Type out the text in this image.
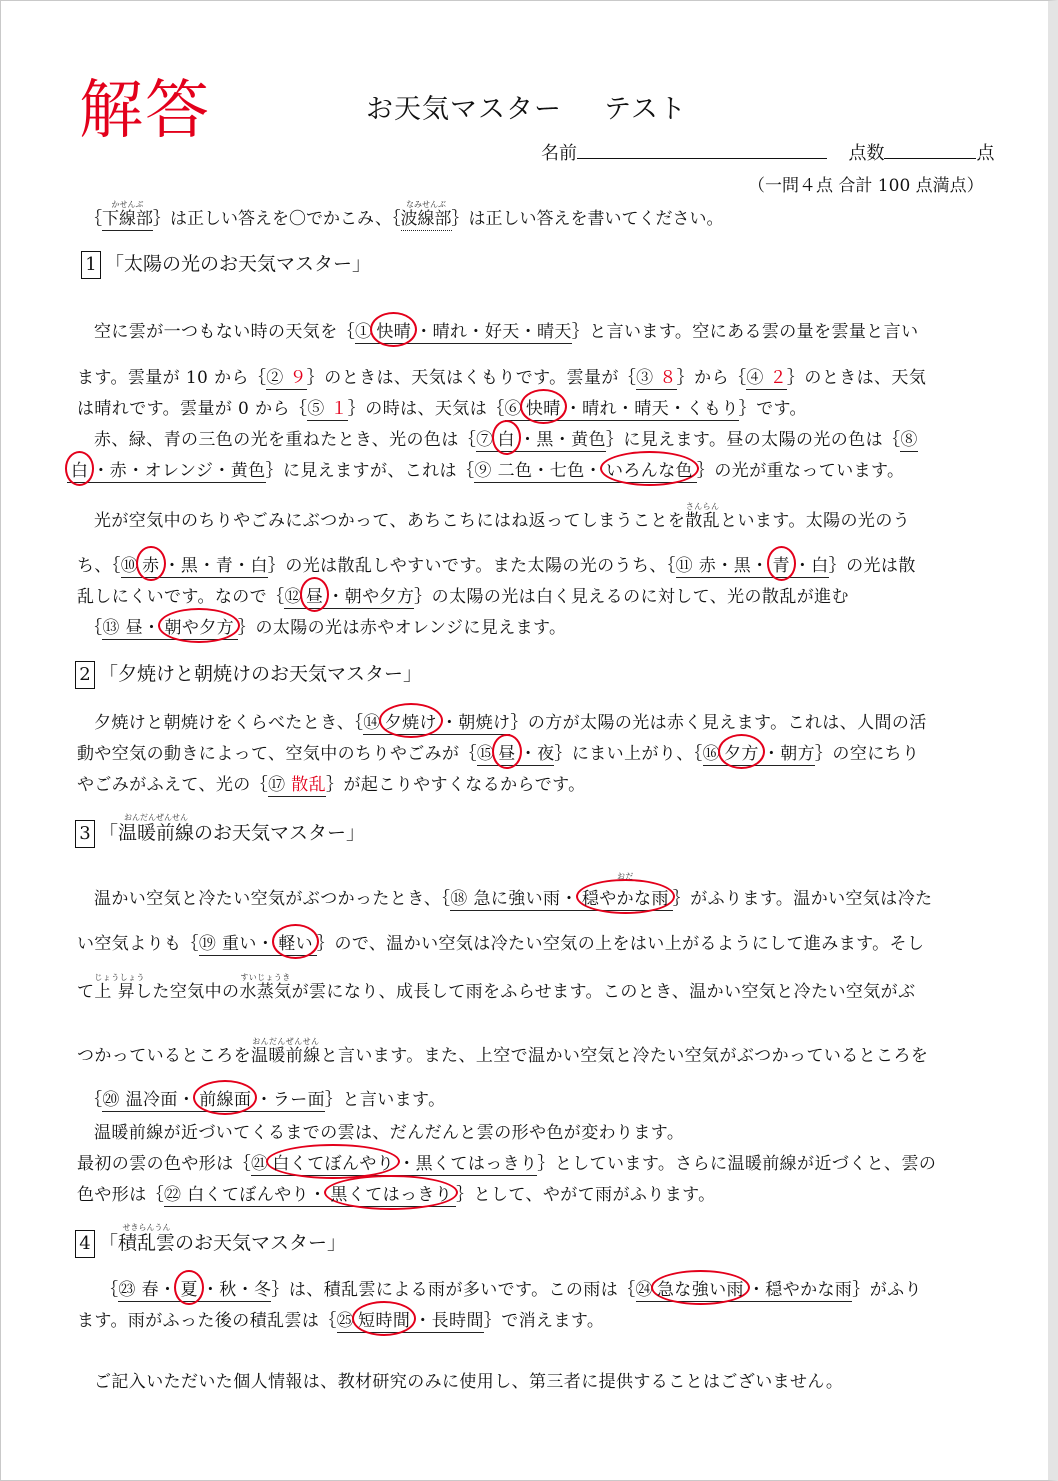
解答	お天気マスター テスト
名前	点数	点
（一問４点 合計 100 点満点）
｛
かせんぶ
下線部｝は正しい答えを〇でかこみ、｛
なみせんぶ
波線部｝は正しい答えを書いてください。
1 「太陽の光のお天気マスター」
空に雲が一つもない時の天気を｛① 快晴 ・晴れ・好天・晴天｝と言います。空にある雲の量を雲量と言い
ます。雲量が 10 から｛② ９｝のときは、天気はくもりです。雲量が｛③ ８｝から｛④ ２｝のときは、天気
は晴れです。雲量が 0 から｛⑤ １｝の時は、天気は｛⑥ 快晴 ・晴れ・晴天・くもり｝です。
赤、緑、青の三色の光を重ねたとき、光の色は｛⑦ 白 ・黒・黄色｝に見えます。昼の太陽の光の色は｛⑧
白 ・赤・オレンジ・黄色｝に見えますが、これは｛⑨ 二色・七色・ いろんな色 ｝の光が重なっています。
光が空気中のちりやごみにぶつかって、あちこちにはね返ってしまうことを
さんらん
散乱といます。太陽の光のう
ち、｛⑩ 赤 ・黒・青・白｝の光は散乱しやすいです。また太陽の光のうち、｛⑪ 赤・黒・ 青 ・白｝の光は散
乱しにくいです。なので｛⑫ 昼 ・朝や夕方｝の太陽の光は白く見えるのに対して、光の散乱が進む
｛⑬ 昼・ 朝や夕方 ｝の太陽の光は赤やオレンジに見えます。
2 「夕焼けと朝焼けのお天気マスター」
夕焼けと朝焼けをくらべたとき、｛⑭ 夕焼け ・朝焼け｝の方が太陽の光は赤く見えます。これは、人間の活
動や空気の動きによって、空気中のちりやごみが｛⑮ 昼 ・夜｝にまい上がり、｛⑯ 夕方 ・朝方｝の空にちり
やごみがふえて、光の｛⑰ 散乱｝が起こりやすくなるからです。
3 「
おんだんぜんせん
温暖前線のお天気マスター」
温かい空気と冷たい空気がぶつかったとき、｛⑱ 急に強い雨・
おだ
穏やかな雨 ｝がふります。温かい空気は冷た
い空気よりも｛⑲ 重い・ 軽い ｝ので、温かい空気は冷たい空気の上をはい上がるようにして進みます。そし
て
じょうしょう
上 昇した空気中の
すいじょうき
水蒸気が雲になり、成長して雨をふらせます。このとき、温かい空気と冷たい空気がぶ
つかっているところを
おんだんぜんせん
温暖前線と言います。また、上空で温かい空気と冷たい空気がぶつかっているところを
｛⑳ 温冷面・ 前線面 ・ラー面｝と言います。
温暖前線が近づいてくるまでの雲は、だんだんと雲の形や色が変わります。
最初の雲の色や形は｛㉑ 白くてぼんやり ・黒くてはっきり｝としています。さらに温暖前線が近づくと、雲の
色や形は｛㉒ 白くてぼんやり・ 黒くてはっきり ｝として、やがて雨がふります。
4 「
せきらんうん
積乱雲のお天気マスター」
｛㉓ 春・ 夏 ・秋・冬｝は、積乱雲による雨が多いです。この雨は｛㉔ 急な強い雨 ・穏やかな雨｝がふり
ます。雨がふった後の積乱雲は｛㉕ 短時間 ・長時間｝で消えます。
ご記入いただいた個人情報は、教材研究のみに使用し、第三者に提供することはございません。
